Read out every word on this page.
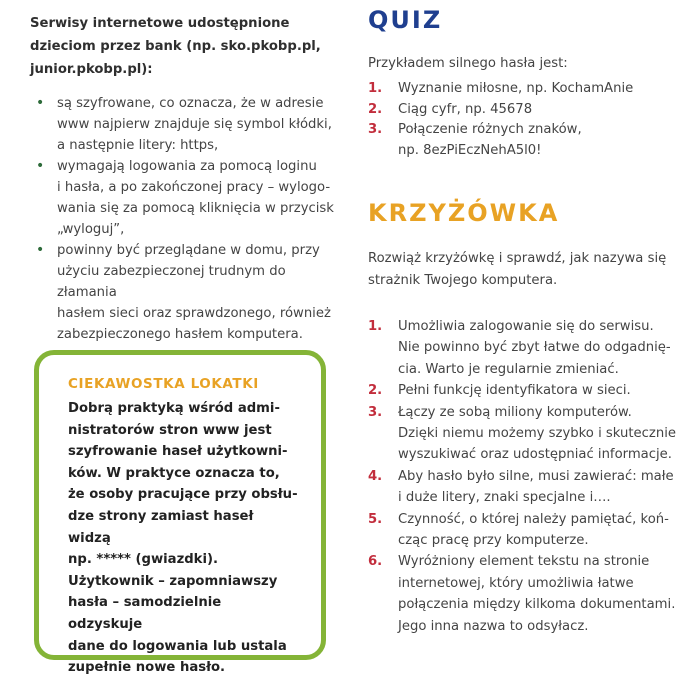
Serwisy internetowe udostępnione dzieciom przez bank (np. sko.pkobp.pl, junior.pkobp.pl):

• są szyfrowane, co oznacza, że w adresie
www najpierw znajduje się symbol kłódki,
a następnie litery: https,
• wymagają logowania za pomocą loginu
i hasła, a po zakończonej pracy – wylogo-
wania się za pomocą kliknięcia w przycisk
„wyloguj”,
• powinny być przeglądane w domu, przy
użyciu zabezpieczonej trudnym do złamania
hasłem sieci oraz sprawdzonego, również
zabezpieczonego hasłem komputera.
CIEKAWOSTKA LOKATKI
Dobrą praktyką wśród admi-
nistratorów stron www jest
szyfrowanie haseł użytkowni-
ków. W praktyce oznacza to,
że osoby pracujące przy obsłu-
dze strony zamiast haseł widzą
np. ***** (gwiazdki).
Użytkownik – zapomniawszy
hasła – samodzielnie odzyskuje
dane do logowania lub ustala
zupełnie nowe hasło.
QUIZ
Przykładem silnego hasła jest:
1. Wyznanie miłosne, np. KochamAnie
2. Ciąg cyfr, np. 45678
3. Połączenie różnych znaków,
np. 8ezPiEczNehA5l0!
KRZYŻÓWKA
Rozwiąż krzyżówkę i sprawdź, jak nazywa się
strażnik Twojego komputera.
1. Umożliwia zalogowanie się do serwisu.
Nie powinno być zbyt łatwe do odgadnię-
cia. Warto je regularnie zmieniać.
2. Pełni funkcję identyfikatora w sieci.
3. Łączy ze sobą miliony komputerów.
Dzięki niemu możemy szybko i skutecznie
wyszukiwać oraz udostępniać informacje.
4. Aby hasło było silne, musi zawierać: małe
i duże litery, znaki specjalne i….
5. Czynność, o której należy pamiętać, koń-
cząc pracę przy komputerze.
6. Wyróżniony element tekstu na stronie
internetowej, który umożliwia łatwe
połączenia między kilkoma dokumentami.
Jego inna nazwa to odsyłacz.
